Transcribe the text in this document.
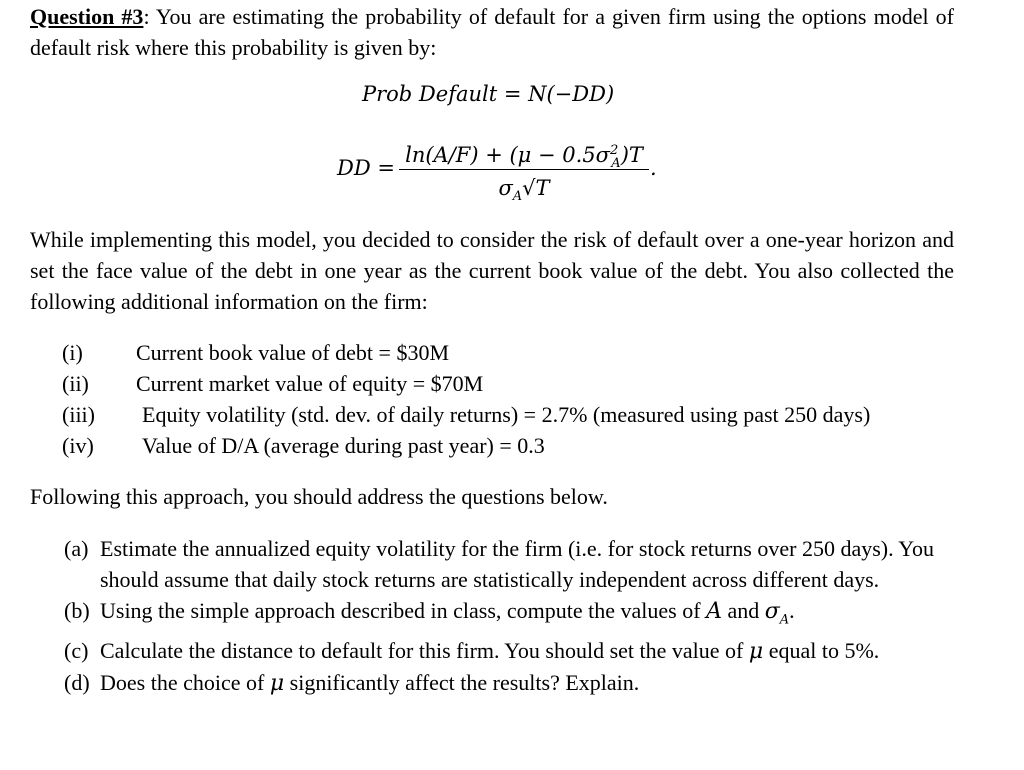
Question #3: You are estimating the probability of default for a given firm using the options model of default risk where this probability is given by:

Prob Default = N(−DD)
DD =
$\ln(A/F) + (\mu - 0.5\sigma^2_A)T$
$\sigma_A√T$
.

While implementing this model, you decided to consider the risk of default over a one-year horizon and set the face value of the debt in one year as the current book value of the debt. You also collected the following additional information on the firm:

(i) Current book value of debt = $30M
(ii) Current market value of equity = $70M
(iii) Equity volatility (std. dev. of daily returns) = 2.7% (measured using past 250 days)
(iv) Value of D/A (average during past year) = 0.3

Following this approach, you should address the questions below.

(a) Estimate the annualized equity volatility for the firm (i.e. for stock returns over 250 days). You should assume that daily stock returns are statistically independent across different days.
(b) Using the simple approach described in class, compute the values of A and $\sigma_A$.
(c) Calculate the distance to default for this firm. You should set the value of μ equal to 5%.
(d) Does the choice of μ significantly affect the results? Explain.
